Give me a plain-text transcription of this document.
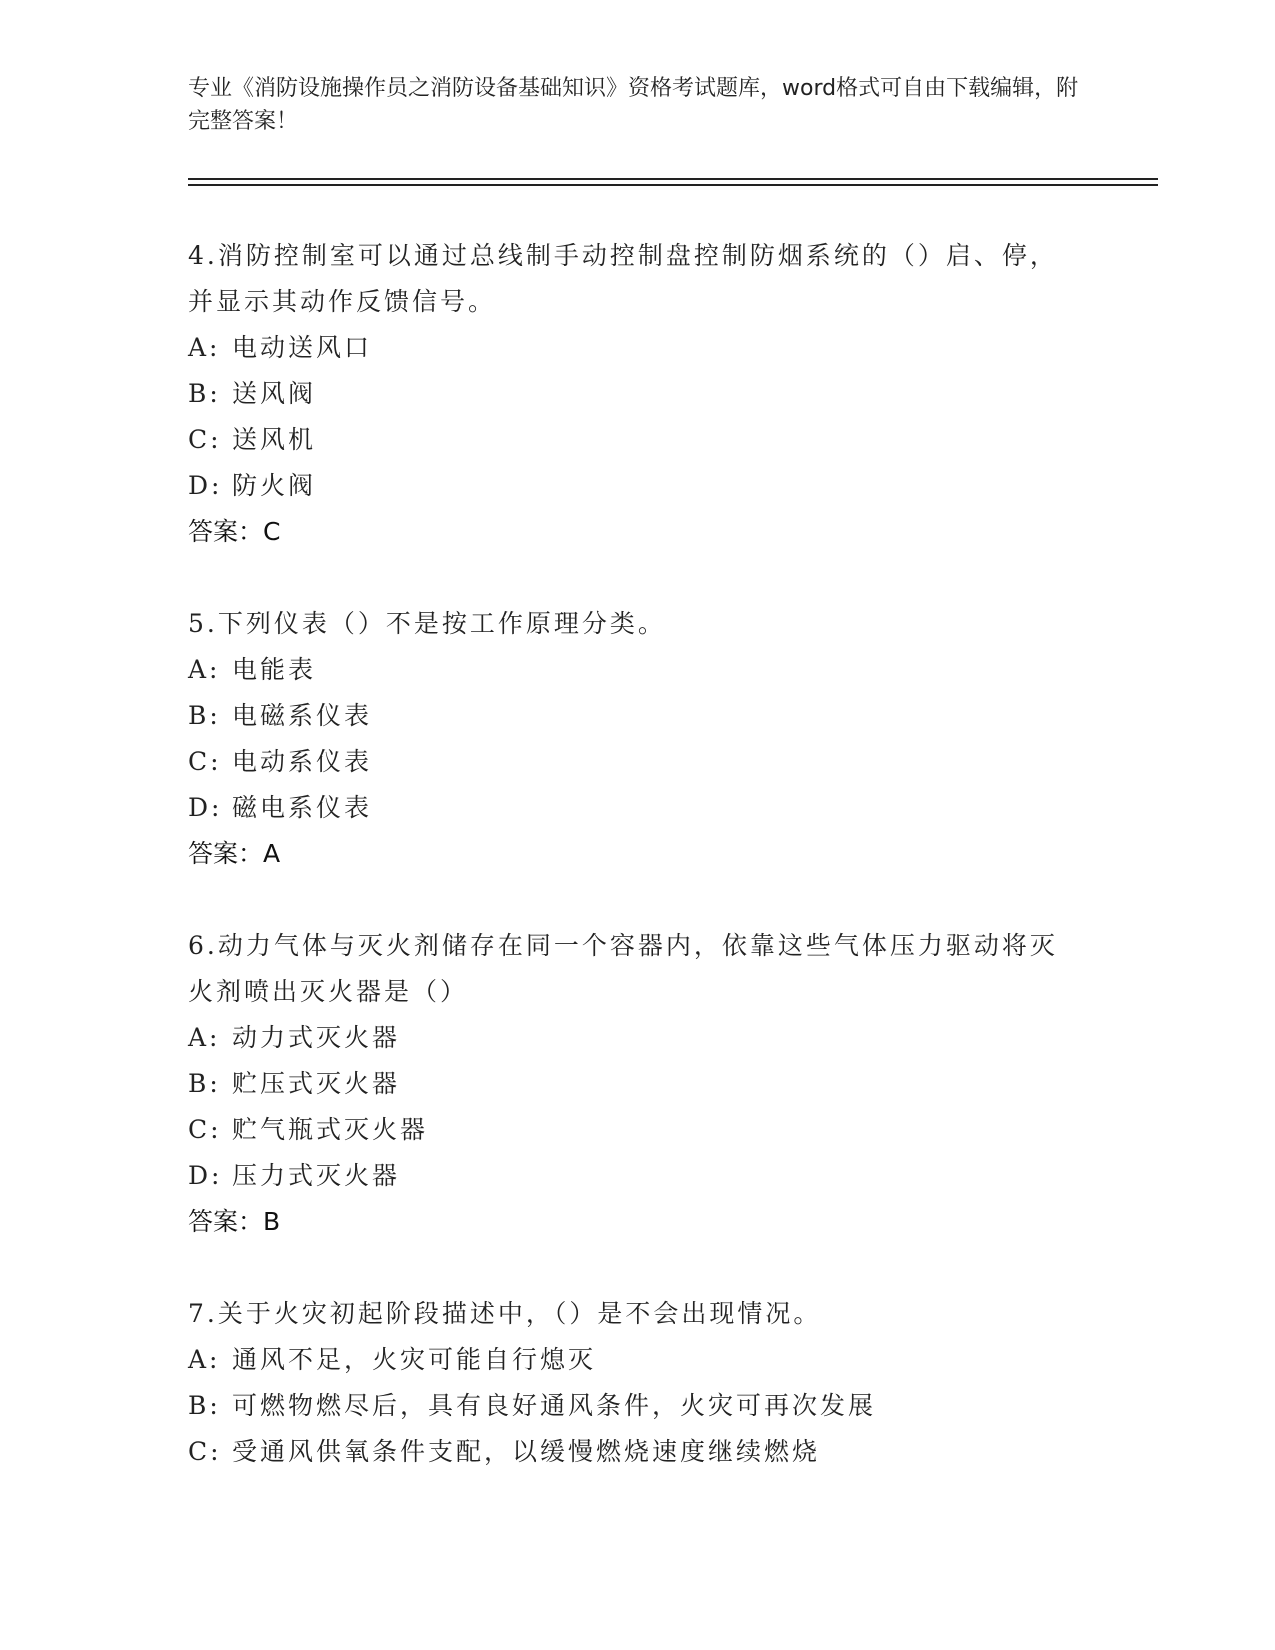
专业《消防设施操作员之消防设备基础知识》资格考试题库，word格式可自由下载编辑，附完整答案！
4.消防控制室可以通过总线制手动控制盘控制防烟系统的（）启、停，并显示其动作反馈信号。
A: 电动送风口
B: 送风阀
C: 送风机
D: 防火阀
答案：C
5.下列仪表（）不是按工作原理分类。
A: 电能表
B: 电磁系仪表
C: 电动系仪表
D: 磁电系仪表
答案：A
6.动力气体与灭火剂储存在同一个容器内，依靠这些气体压力驱动将灭火剂喷出灭火器是（）
A: 动力式灭火器
B: 贮压式灭火器
C: 贮气瓶式灭火器
D: 压力式灭火器
答案：B
7.关于火灾初起阶段描述中，（）是不会出现情况。
A: 通风不足，火灾可能自行熄灭
B: 可燃物燃尽后，具有良好通风条件，火灾可再次发展
C: 受通风供氧条件支配，以缓慢燃烧速度继续燃烧
